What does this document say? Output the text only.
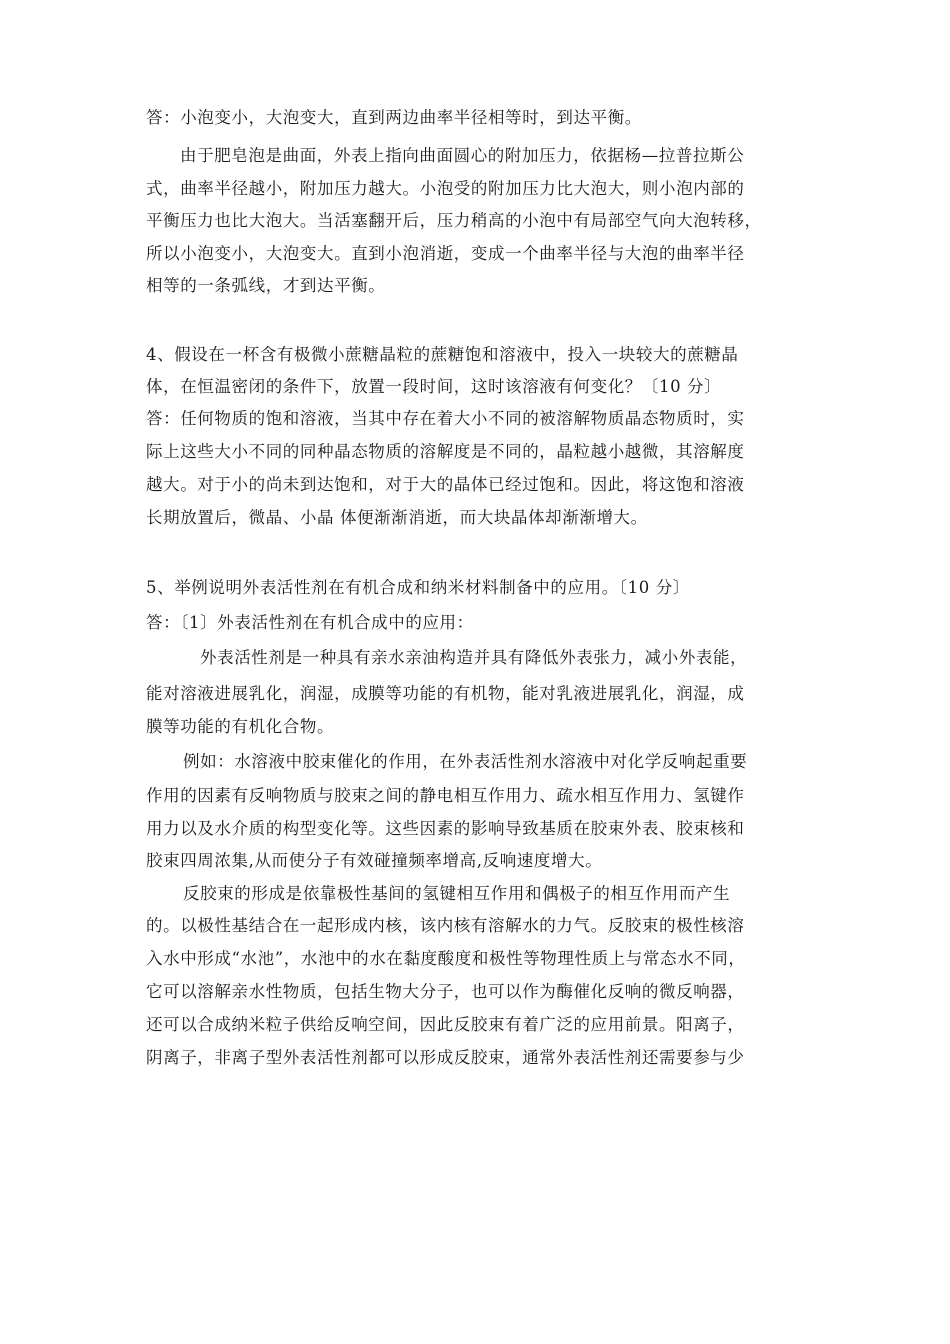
答：小泡变小，大泡变大，直到两边曲率半径相等时，到达平衡。
由于肥皂泡是曲面，外表上指向曲面圆心的附加压力，依据杨—拉普拉斯公
式，曲率半径越小，附加压力越大。小泡受的附加压力比大泡大，则小泡内部的
平衡压力也比大泡大。当活塞翻开后，压力稍高的小泡中有局部空气向大泡转移，
所以小泡变小，大泡变大。直到小泡消逝，变成一个曲率半径与大泡的曲率半径
相等的一条弧线，才到达平衡。
4、假设在一杯含有极微小蔗糖晶粒的蔗糖饱和溶液中，投入一块较大的蔗糖晶
体，在恒温密闭的条件下，放置一段时间，这时该溶液有何变化？〔10 分〕
答：任何物质的饱和溶液，当其中存在着大小不同的被溶解物质晶态物质时，实
际上这些大小不同的同种晶态物质的溶解度是不同的，晶粒越小越微，其溶解度
越大。对于小的尚未到达饱和，对于大的晶体已经过饱和。因此，将这饱和溶液
长期放置后，微晶、小晶 体便渐渐消逝，而大块晶体却渐渐增大。
5、举例说明外表活性剂在有机合成和纳米材料制备中的应用。〔10 分〕
答：〔1〕外表活性剂在有机合成中的应用：
外表活性剂是一种具有亲水亲油构造并具有降低外表张力，减小外表能，
能对溶液进展乳化，润湿，成膜等功能的有机物，能对乳液进展乳化，润湿，成
膜等功能的有机化合物。
例如：水溶液中胶束催化的作用，在外表活性剂水溶液中对化学反响起重要
作用的因素有反响物质与胶束之间的静电相互作用力、疏水相互作用力、氢键作
用力以及水介质的构型变化等。这些因素的影响导致基质在胶束外表、胶束核和
胶束四周浓集,从而使分子有效碰撞频率增高,反响速度增大。
反胶束的形成是依靠极性基间的氢键相互作用和偶极子的相互作用而产生
的。以极性基结合在一起形成内核，该内核有溶解水的力气。反胶束的极性核溶
入水中形成“水池”，水池中的水在黏度酸度和极性等物理性质上与常态水不同，
它可以溶解亲水性物质，包括生物大分子，也可以作为酶催化反响的微反响器，
还可以合成纳米粒子供给反响空间，因此反胶束有着广泛的应用前景。阳离子，
阴离子，非离子型外表活性剂都可以形成反胶束，通常外表活性剂还需要参与少
